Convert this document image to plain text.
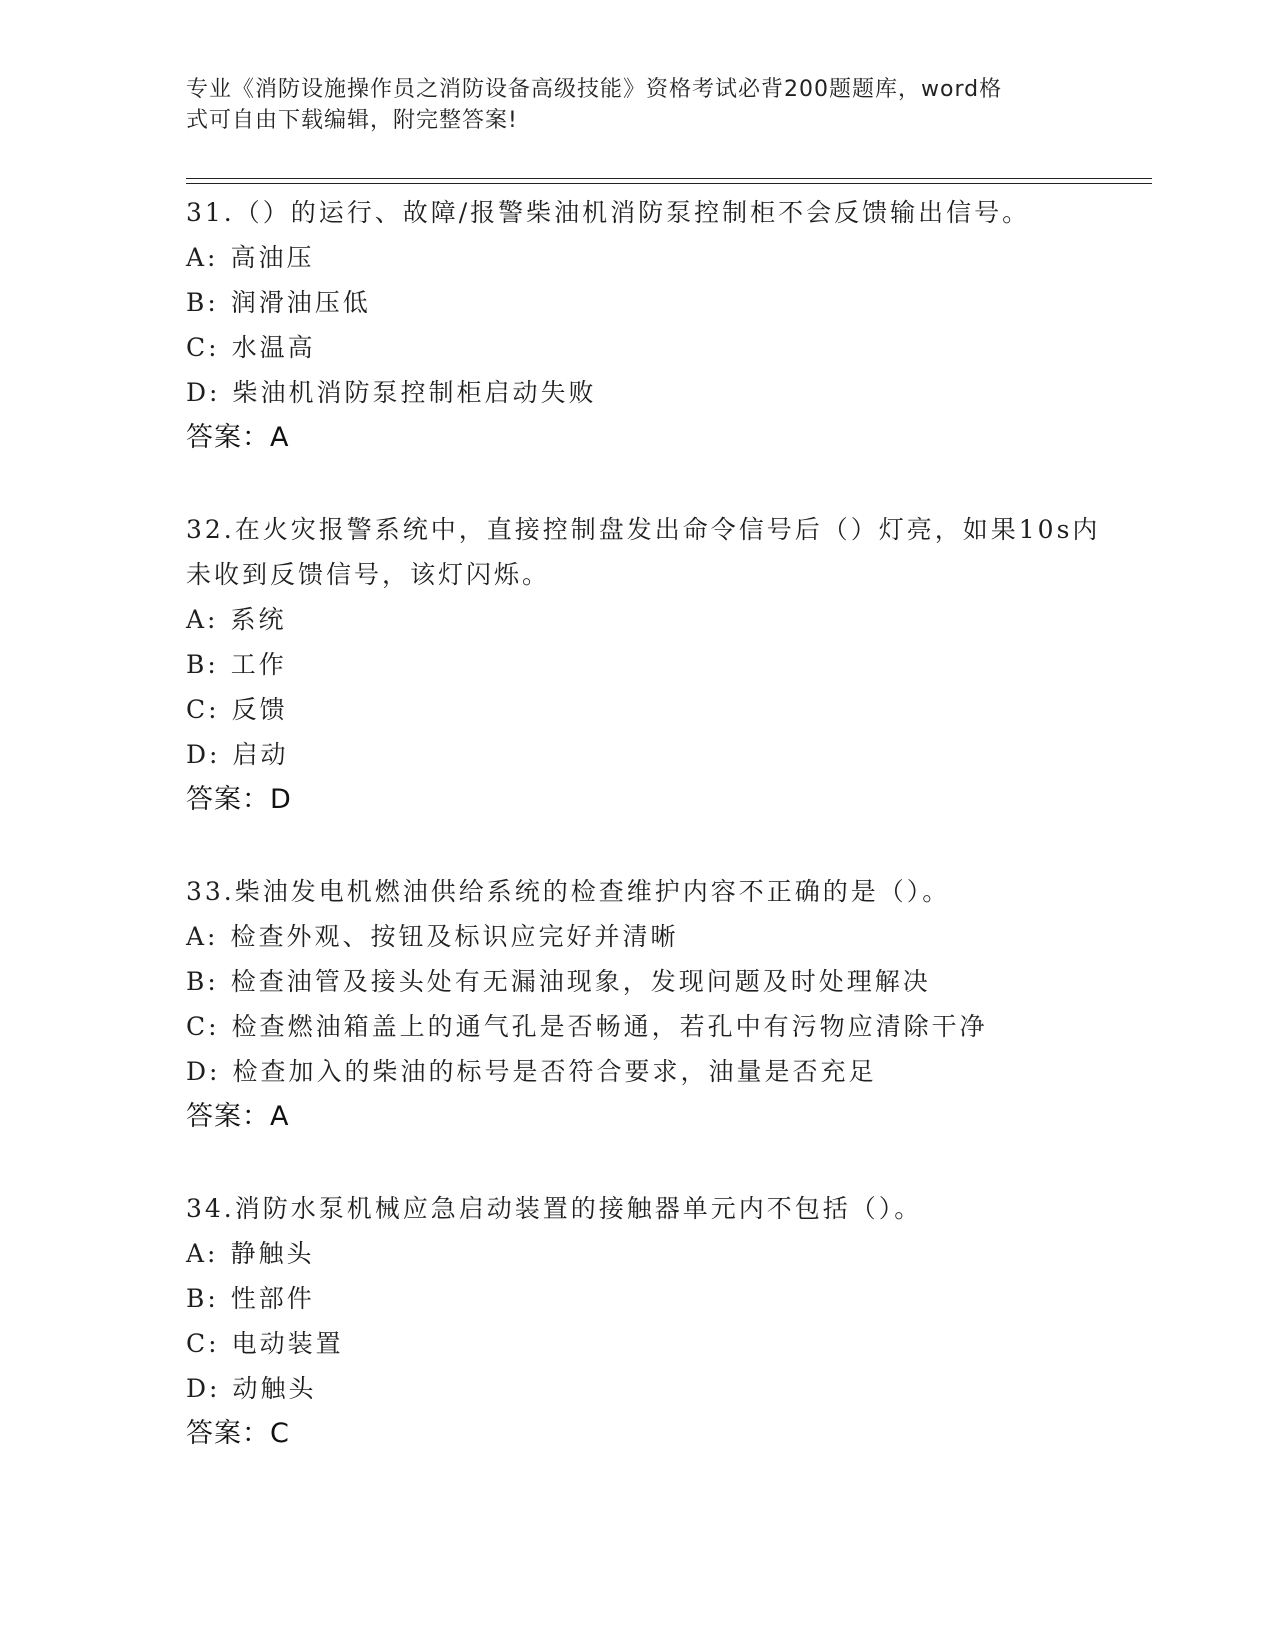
专业《消防设施操作员之消防设备高级技能》资格考试必背200题题库，word格
式可自由下载编辑，附完整答案!
31.（）的运行、故障/报警柴油机消防泵控制柜不会反馈输出信号。
A: 高油压
B: 润滑油压低
C: 水温高
D: 柴油机消防泵控制柜启动失败
答案：A
32.在火灾报警系统中，直接控制盘发出命令信号后（）灯亮，如果10s内未收到反馈信号，该灯闪烁。
A: 系统
B: 工作
C: 反馈
D: 启动
答案：D
33.柴油发电机燃油供给系统的检查维护内容不正确的是（）。
A: 检查外观、按钮及标识应完好并清晰
B: 检查油管及接头处有无漏油现象，发现问题及时处理解决
C: 检查燃油箱盖上的通气孔是否畅通，若孔中有污物应清除干净
D: 检查加入的柴油的标号是否符合要求，油量是否充足
答案：A
34.消防水泵机械应急启动装置的接触器单元内不包括（）。
A: 静触头
B: 性部件
C: 电动装置
D: 动触头
答案：C
